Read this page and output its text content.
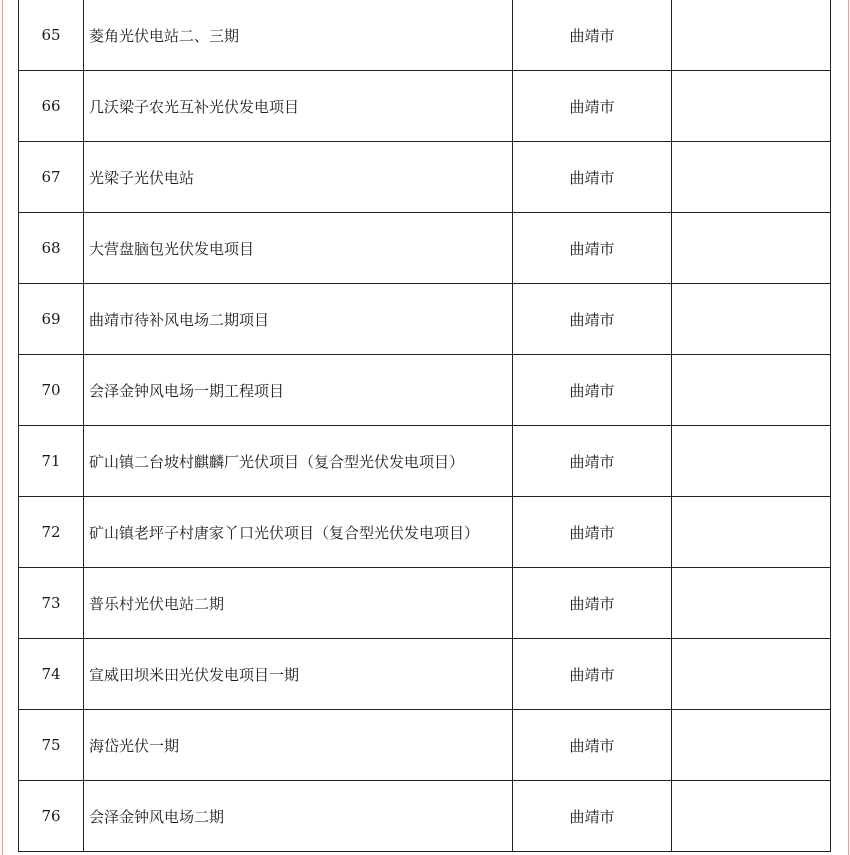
65	菱角光伏电站二、三期	曲靖市	
66	几沃梁子农光互补光伏发电项目	曲靖市	
67	光梁子光伏电站	曲靖市	
68	大营盘脑包光伏发电项目	曲靖市	
69	曲靖市待补风电场二期项目	曲靖市	
70	会泽金钟风电场一期工程项目	曲靖市	
71	矿山镇二台坡村麒麟厂光伏项目（复合型光伏发电项目）	曲靖市	
72	矿山镇老坪子村唐家丫口光伏项目（复合型光伏发电项目）	曲靖市	
73	普乐村光伏电站二期	曲靖市	
74	宣威田坝米田光伏发电项目一期	曲靖市	
75	海岱光伏一期	曲靖市	
76	会泽金钟风电场二期	曲靖市	
